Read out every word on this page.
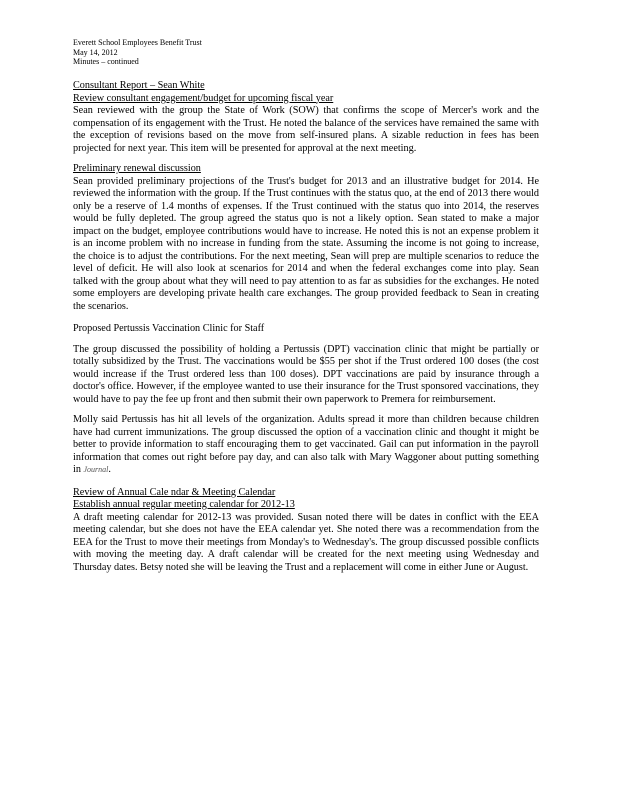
Everett School Employees Benefit Trust
May 14, 2012
Minutes – continued
Consultant Report – Sean White
Review consultant engagement/budget for upcoming fiscal year

Sean reviewed with the group the State of Work (SOW) that confirms the scope of Mercer's work and the compensation of its engagement with the Trust. He noted the balance of the services have remained the same with the exception of revisions based on the move from self-insured plans. A sizable reduction in fees has been projected for next year. This item will be presented for approval at the next meeting.

Preliminary renewal discussion

Sean provided preliminary projections of the Trust's budget for 2013 and an illustrative budget for 2014. He reviewed the information with the group. If the Trust continues with the status quo, at the end of 2013 there would only be a reserve of 1.4 months of expenses. If the Trust continued with the status quo into 2014, the reserves would be fully depleted. The group agreed the status quo is not a likely option. Sean stated to make a major impact on the budget, employee contributions would have to increase. He noted this is not an expense problem it is an income problem with no increase in funding from the state. Assuming the income is not going to increase, the choice is to adjust the contributions. For the next meeting, Sean will prep are multiple scenarios to reduce the level of deficit. He will also look at scenarios for 2014 and when the federal exchanges come into play. Sean talked with the group about what they will need to pay attention to as far as subsidies for the exchanges. He noted some employers are developing private health care exchanges. The group provided feedback to Sean in creating the scenarios.

Proposed Pertussis Vaccination Clinic for Staff

The group discussed the possibility of holding a Pertussis (DPT) vaccination clinic that might be partially or totally subsidized by the Trust. The vaccinations would be $55 per shot if the Trust ordered 100 doses (the cost would increase if the Trust ordered less than 100 doses). DPT vaccinations are paid by insurance through a doctor's office. However, if the employee wanted to use their insurance for the Trust sponsored vaccinations, they would have to pay the fee up front and then submit their own paperwork to Premera for reimbursement.

Molly said Pertussis has hit all levels of the organization. Adults spread it more than children because children have had current immunizations. The group discussed the option of a vaccination clinic and thought it might be better to provide information to staff encouraging them to get vaccinated. Gail can put information in the payroll information that comes out right before pay day, and can also talk with Mary Waggoner about putting something in Journal.

Review of Annual Cale ndar & Meeting Calendar
Establish annual regular meeting calendar for 2012-13

A draft meeting calendar for 2012-13 was provided. Susan noted there will be dates in conflict with the EEA meeting calendar, but she does not have the EEA calendar yet. She noted there was a recommendation from the EEA for the Trust to move their meetings from Monday's to Wednesday's. The group discussed possible conflicts with moving the meeting day. A draft calendar will be created for the next meeting using Wednesday and Thursday dates. Betsy noted she will be leaving the Trust and a replacement will come in either June or August.
